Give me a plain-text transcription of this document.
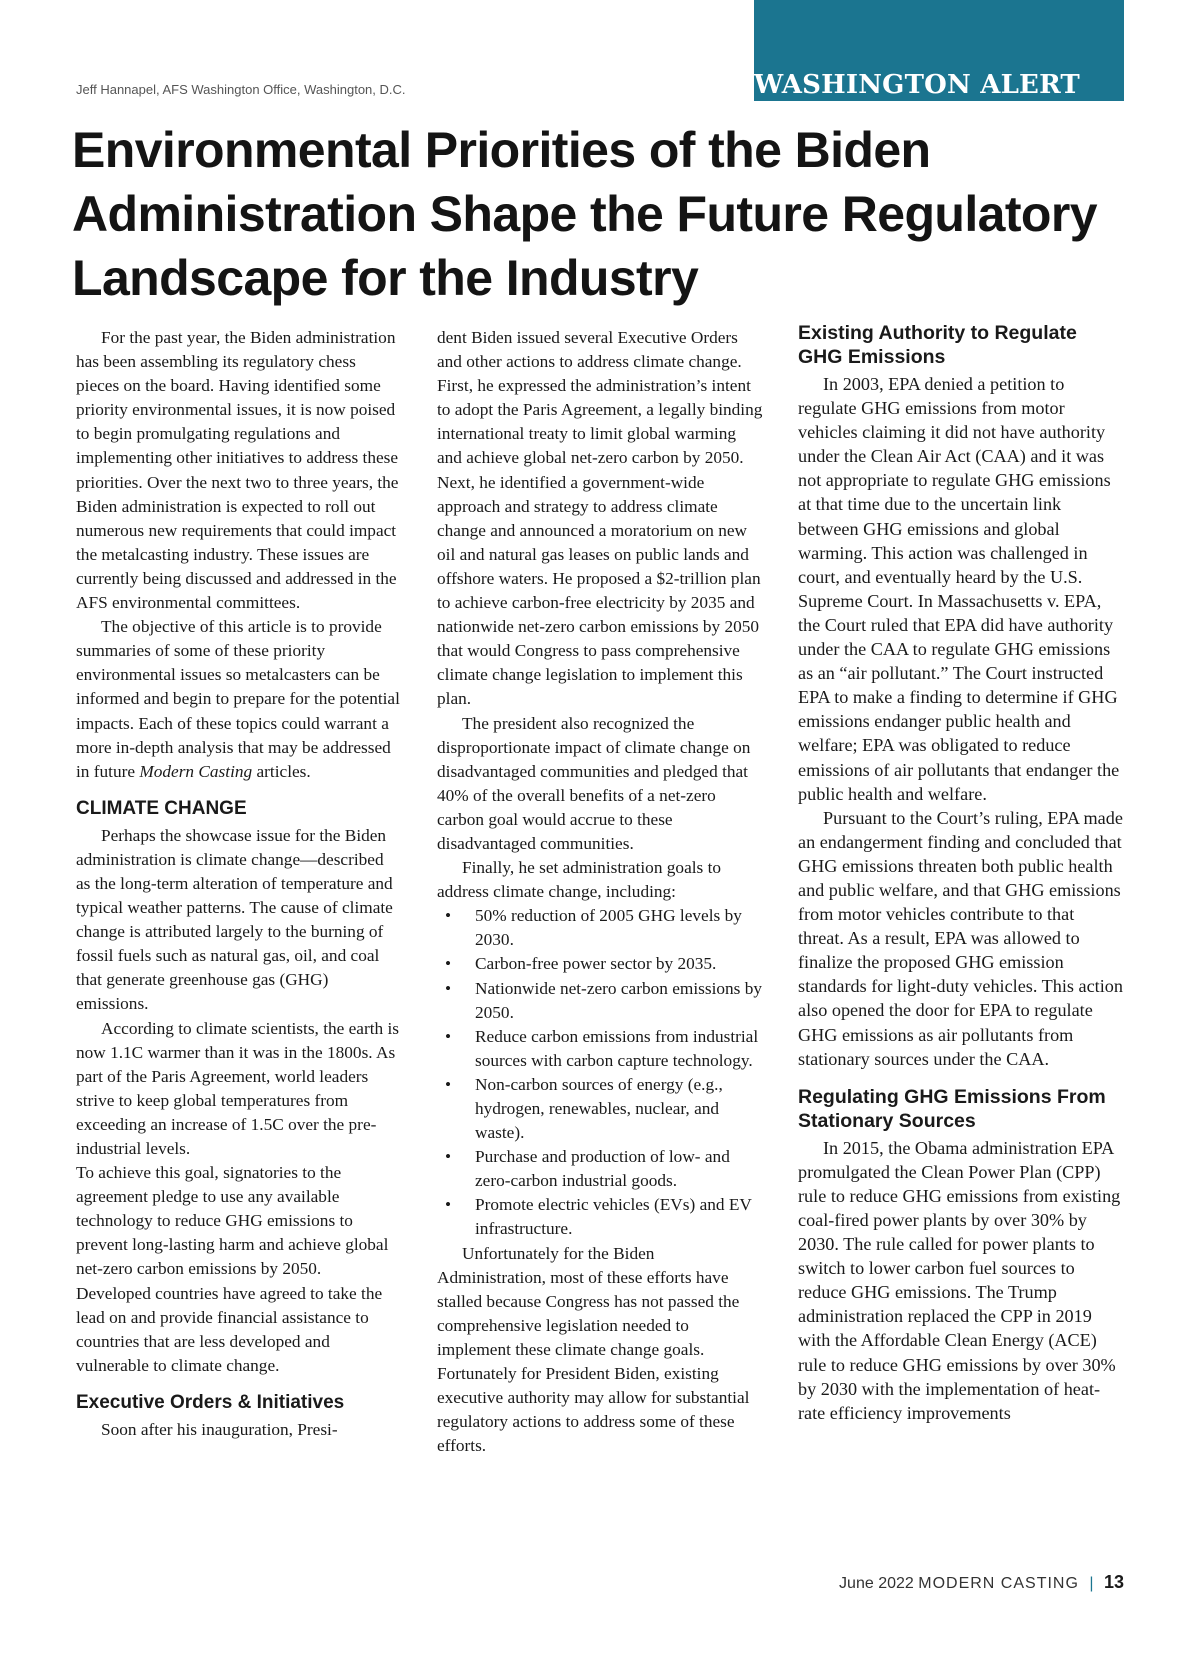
WASHINGTON ALERT
Jeff Hannapel, AFS Washington Office, Washington, D.C.
Environmental Priorities of the Biden Administration Shape the Future Regulatory Landscape for the Industry

For the past year, the Biden administration has been assembling its regulatory chess pieces on the board. Having identified some priority environmental issues, it is now poised to begin promulgating regulations and implementing other initiatives to address these priorities. Over the next two to three years, the Biden administration is expected to roll out numerous new requirements that could impact the metalcasting industry. These issues are currently being discussed and addressed in the AFS environmental committees.

The objective of this article is to provide summaries of some of these priority environmental issues so metalcasters can be informed and begin to prepare for the potential impacts. Each of these topics could warrant a more in-depth analysis that may be addressed in future Modern Casting articles.

CLIMATE CHANGE

Perhaps the showcase issue for the Biden administration is climate change—described as the long-term alteration of temperature and typical weather patterns. The cause of climate change is attributed largely to the burning of fossil fuels such as natural gas, oil, and coal that generate greenhouse gas (GHG) emissions.

According to climate scientists, the earth is now 1.1C warmer than it was in the 1800s. As part of the Paris Agreement, world leaders strive to keep global temperatures from exceeding an increase of 1.5C over the pre-industrial levels.

To achieve this goal, signatories to the agreement pledge to use any available technology to reduce GHG emissions to prevent long-lasting harm and achieve global net-zero carbon emissions by 2050. Developed countries have agreed to take the lead on and provide financial assistance to countries that are less developed and vulnerable to climate change.

Executive Orders & Initiatives

Soon after his inauguration, Presi-

dent Biden issued several Executive Orders and other actions to address climate change. First, he expressed the administration’s intent to adopt the Paris Agreement, a legally binding international treaty to limit global warming and achieve global net-zero carbon by 2050. Next, he identified a government-wide approach and strategy to address climate change and announced a moratorium on new oil and natural gas leases on public lands and offshore waters. He proposed a $2-trillion plan to achieve carbon-free electricity by 2035 and nationwide net-zero carbon emissions by 2050 that would Congress to pass comprehensive climate change legislation to implement this plan.

The president also recognized the disproportionate impact of climate change on disadvantaged communities and pledged that 40% of the overall benefits of a net-zero carbon goal would accrue to these disadvantaged communities.

Finally, he set administration goals to address climate change, including:

• 50% reduction of 2005 GHG levels by 2030.
• Carbon-free power sector by 2035.
• Nationwide net-zero carbon emissions by 2050.
• Reduce carbon emissions from industrial sources with carbon capture technology.
• Non-carbon sources of energy (e.g., hydrogen, renewables, nuclear, and waste).
• Purchase and production of low- and zero-carbon industrial goods.
• Promote electric vehicles (EVs) and EV infrastructure.

Unfortunately for the Biden Administration, most of these efforts have stalled because Congress has not passed the comprehensive legislation needed to implement these climate change goals. Fortunately for President Biden, existing executive authority may allow for substantial regulatory actions to address some of these efforts.

Existing Authority to Regulate GHG Emissions

In 2003, EPA denied a petition to regulate GHG emissions from motor vehicles claiming it did not have authority under the Clean Air Act (CAA) and it was not appropriate to regulate GHG emissions at that time due to the uncertain link between GHG emissions and global warming. This action was challenged in court, and eventually heard by the U.S. Supreme Court. In Massachusetts v. EPA, the Court ruled that EPA did have authority under the CAA to regulate GHG emissions as an “air pollutant.” The Court instructed EPA to make a finding to determine if GHG emissions endanger public health and welfare; EPA was obligated to reduce emissions of air pollutants that endanger the public health and welfare.

Pursuant to the Court’s ruling, EPA made an endangerment finding and concluded that GHG emissions threaten both public health and public welfare, and that GHG emissions from motor vehicles contribute to that threat. As a result, EPA was allowed to finalize the proposed GHG emission standards for light-duty vehicles. This action also opened the door for EPA to regulate GHG emissions as air pollutants from stationary sources under the CAA.

Regulating GHG Emissions From Stationary Sources

In 2015, the Obama administration EPA promulgated the Clean Power Plan (CPP) rule to reduce GHG emissions from existing coal-fired power plants by over 30% by 2030. The rule called for power plants to switch to lower carbon fuel sources to reduce GHG emissions. The Trump administration replaced the CPP in 2019 with the Affordable Clean Energy (ACE) rule to reduce GHG emissions by over 30% by 2030 with the implementation of heat-rate efficiency improvements

June 2022 MODERN CASTING | 13
